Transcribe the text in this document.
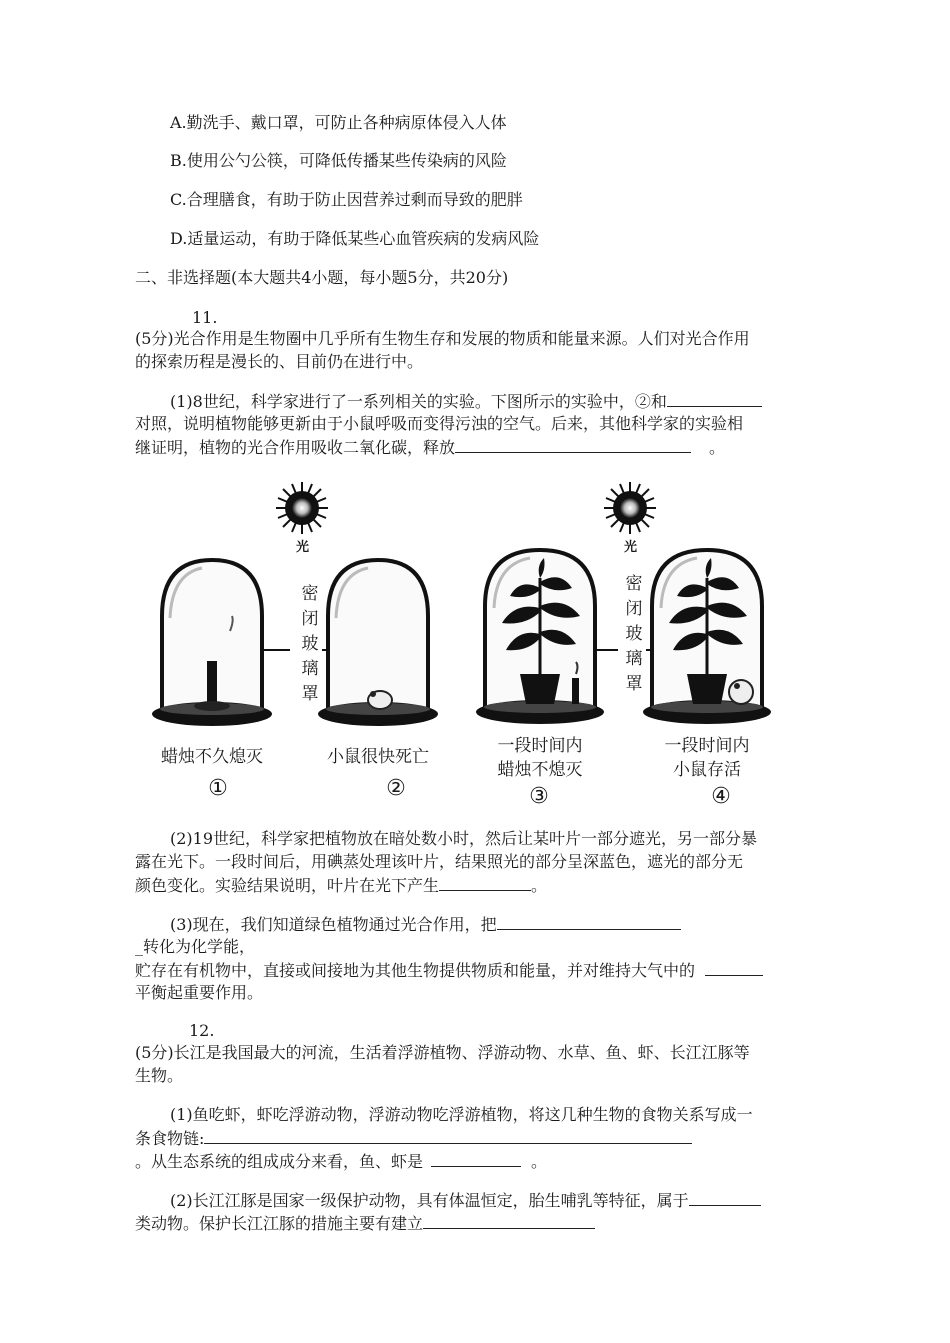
A.勤洗手、戴口罩，可防止各种病原体侵入人体
B.使用公勺公筷，可降低传播某些传染病的风险
C.合理膳食，有助于防止因营养过剩而导致的肥胖
D.适量运动，有助于降低某些心血管疾病的发病风险
二、非选择题(本大题共4小题，每小题5分，共20分)
11.
(5分)光合作用是生物圈中几乎所有生物生存和发展的物质和能量来源。人们对光合作用
的探索历程是漫长的、目前仍在进行中。
(1)8世纪，科学家进行了一系列相关的实验。下图所示的实验中，②和
对照，说明植物能够更新由于小鼠呼吸而变得污浊的空气。后来，其他科学家的实验相
继证明，植物的光合作用吸收二氧化碳，释放	。
光	光
密
闭
玻
璃
罩
密
闭
玻
璃
罩
蜡烛不久熄灭	小鼠很快死亡
一段时间内
蜡烛不熄灭
一段时间内
小鼠存活
①	②	③	④
(2)19世纪，科学家把植物放在暗处数小时，然后让某叶片一部分遮光，另一部分暴
露在光下。一段时间后，用碘蒸处理该叶片，结果照光的部分呈深蓝色，遮光的部分无
颜色变化。实验结果说明，叶片在光下产生	。
(3)现在，我们知道绿色植物通过光合作用，把
_转化为化学能，
贮存在有机物中，直接或间接地为其他生物提供物质和能量，并对维持大气中的
平衡起重要作用。
12.
(5分)长江是我国最大的河流，生活着浮游植物、浮游动物、水草、鱼、虾、长江江豚等
生物。
(1)鱼吃虾，虾吃浮游动物，浮游动物吃浮游植物，将这几种生物的食物关系写成一
条食物链:
。从生态系统的组成成分来看，鱼、虾是	。
(2)长江江豚是国家一级保护动物，具有体温恒定，胎生哺乳等特征，属于
类动物。保护长江江豚的措施主要有建立
